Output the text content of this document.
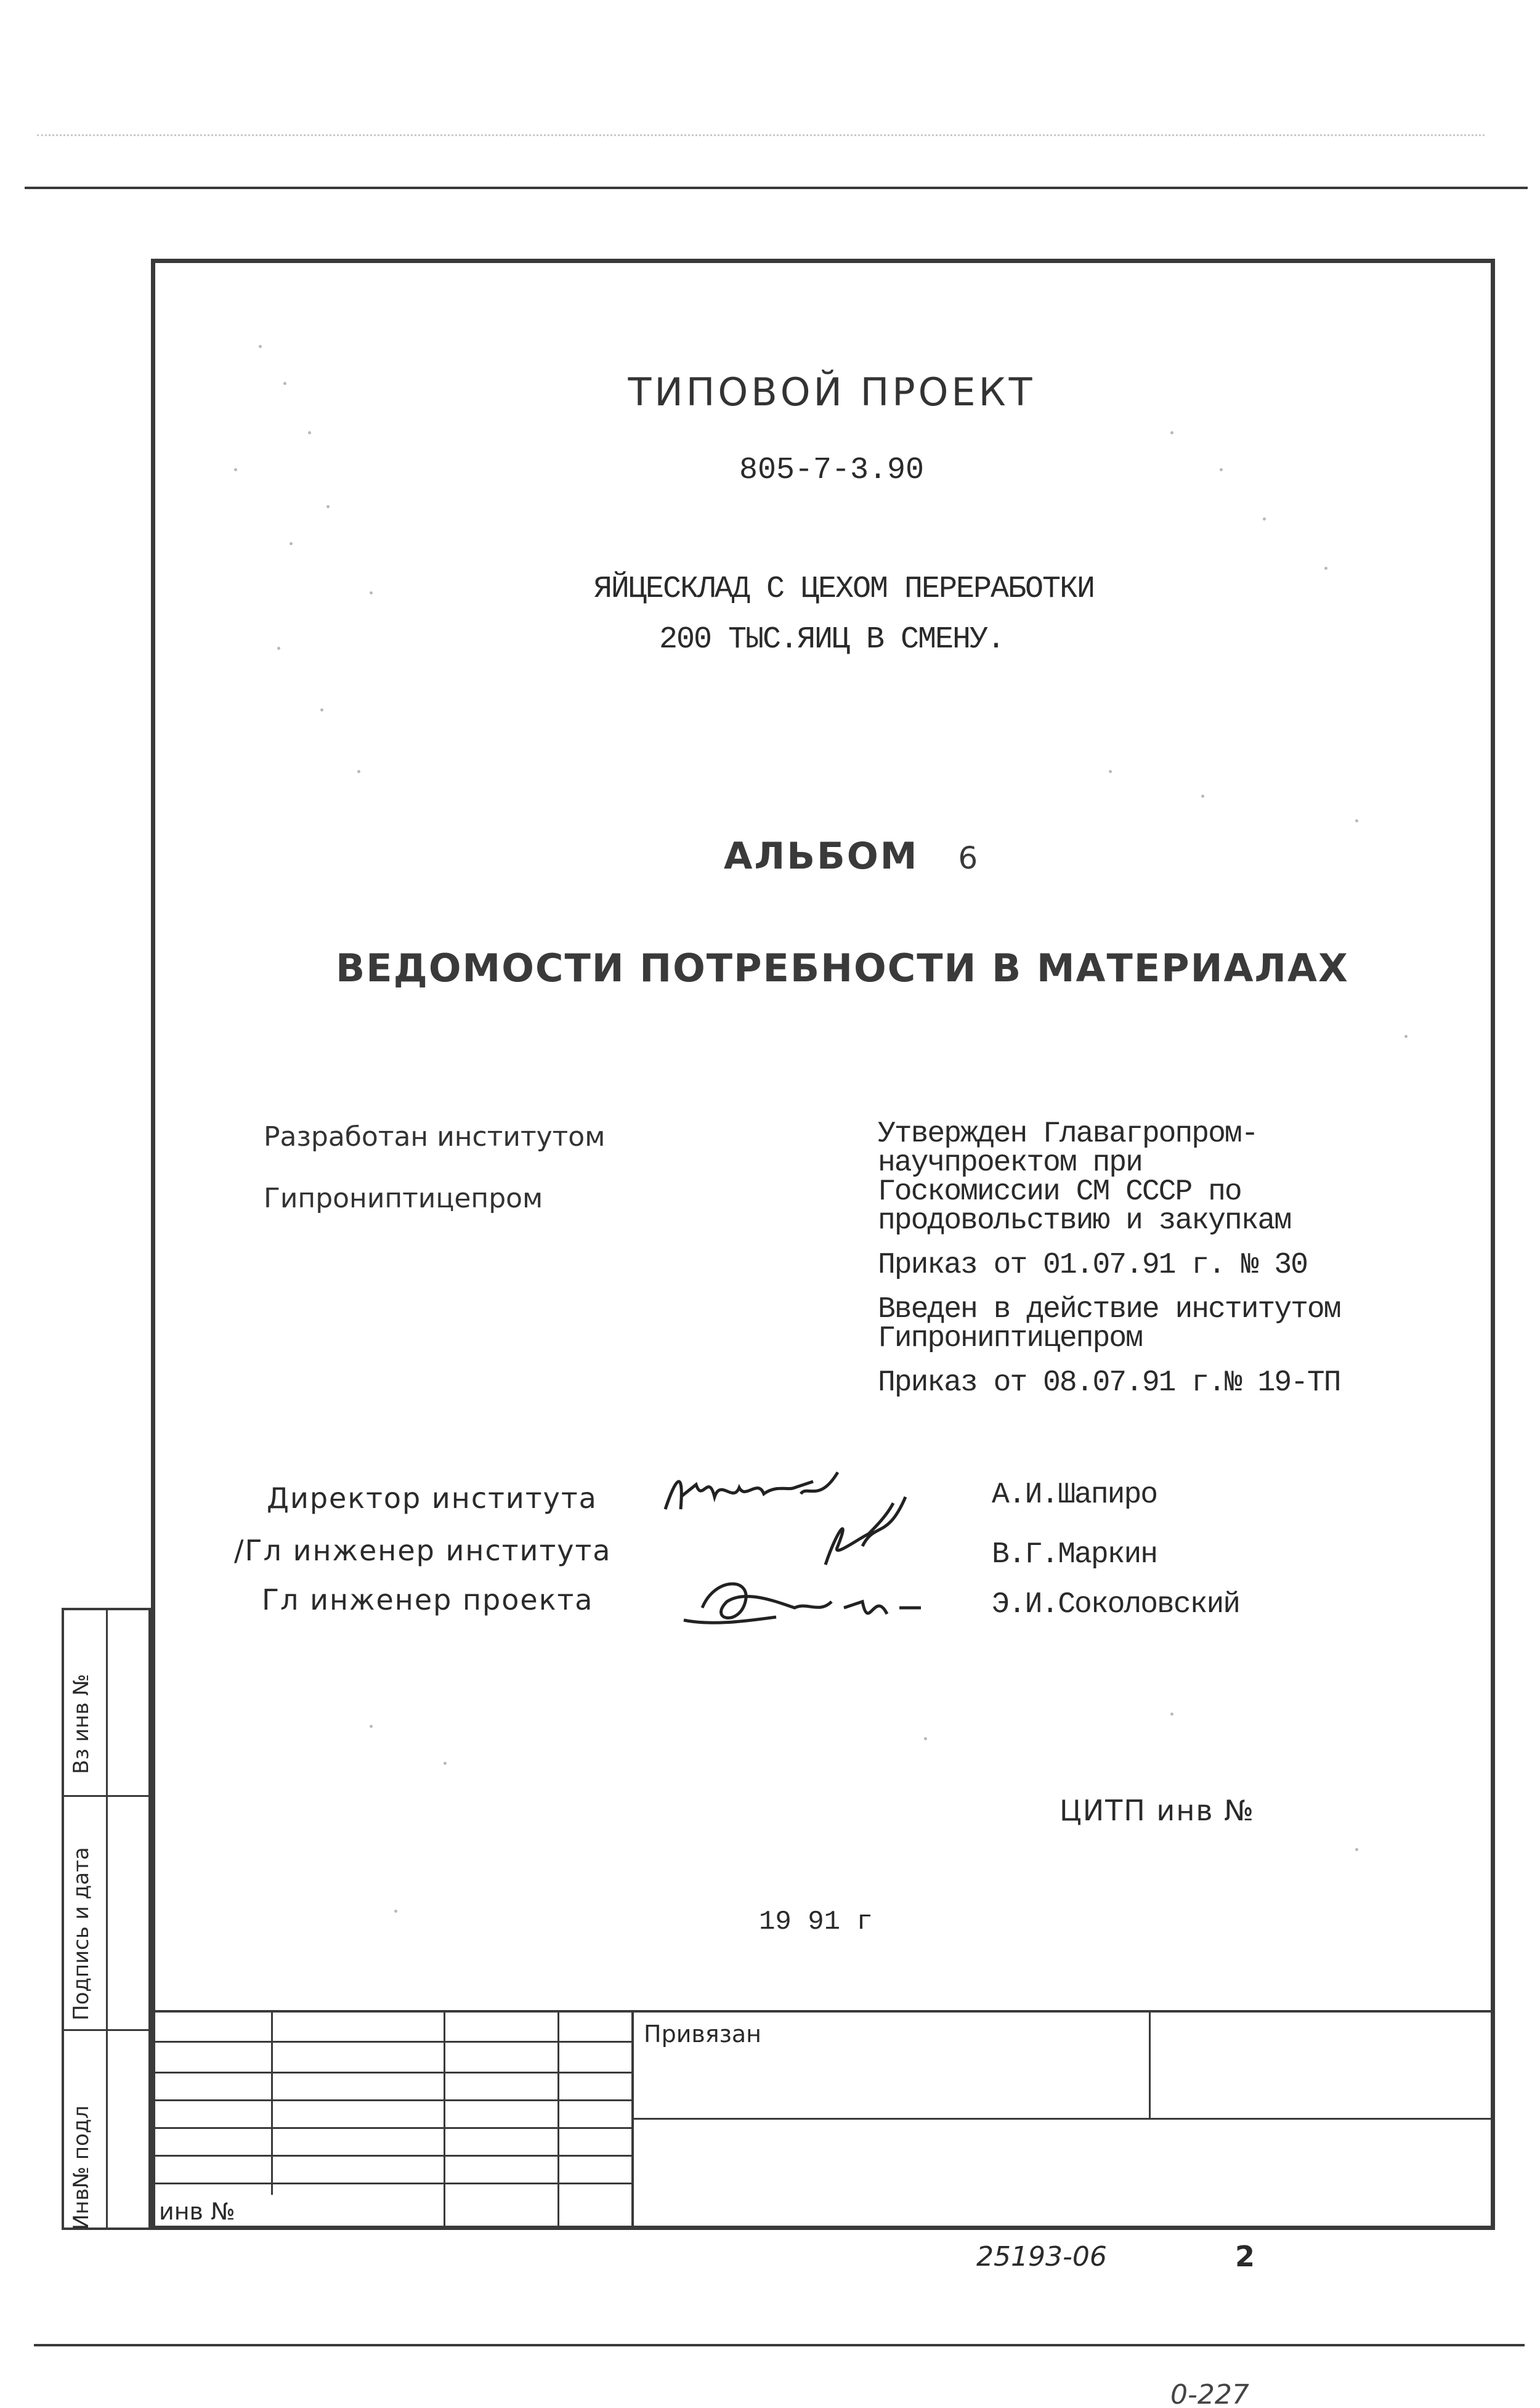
ТИПОВОЙ ПРОЕКТ
805-7-3.90
ЯЙЦЕСКЛАД С ЦЕХОМ ПЕРЕРАБОТКИ
200 ТЫС.ЯИЦ В СМЕНУ.
АЛЬБОМ 6
ВЕДОМОСТИ ПОТРЕБНОСТИ В МАТЕРИАЛАХ
Разработан институтом
Гипрониптицепром
Утвержден Главагропром-
научпроектом при
Госкомиссии СМ СССР по
продовольствию и закупкам
Приказ от 01.07.91 г. № 30
Введен в действие институтом
Гипрониптицепром
Приказ от 08.07.91 г.№ 19-ТП
Директор института
/Гл инженер института
Гл инженер проекта
А.И.Шапиро
В.Г.Маркин
Э.И.Соколовский
ЦИТП инв №
19 91 г
Привязан
инв №
Вз инв №
Подпись и дата
Инв№ подл
25193-06	2
0-227
